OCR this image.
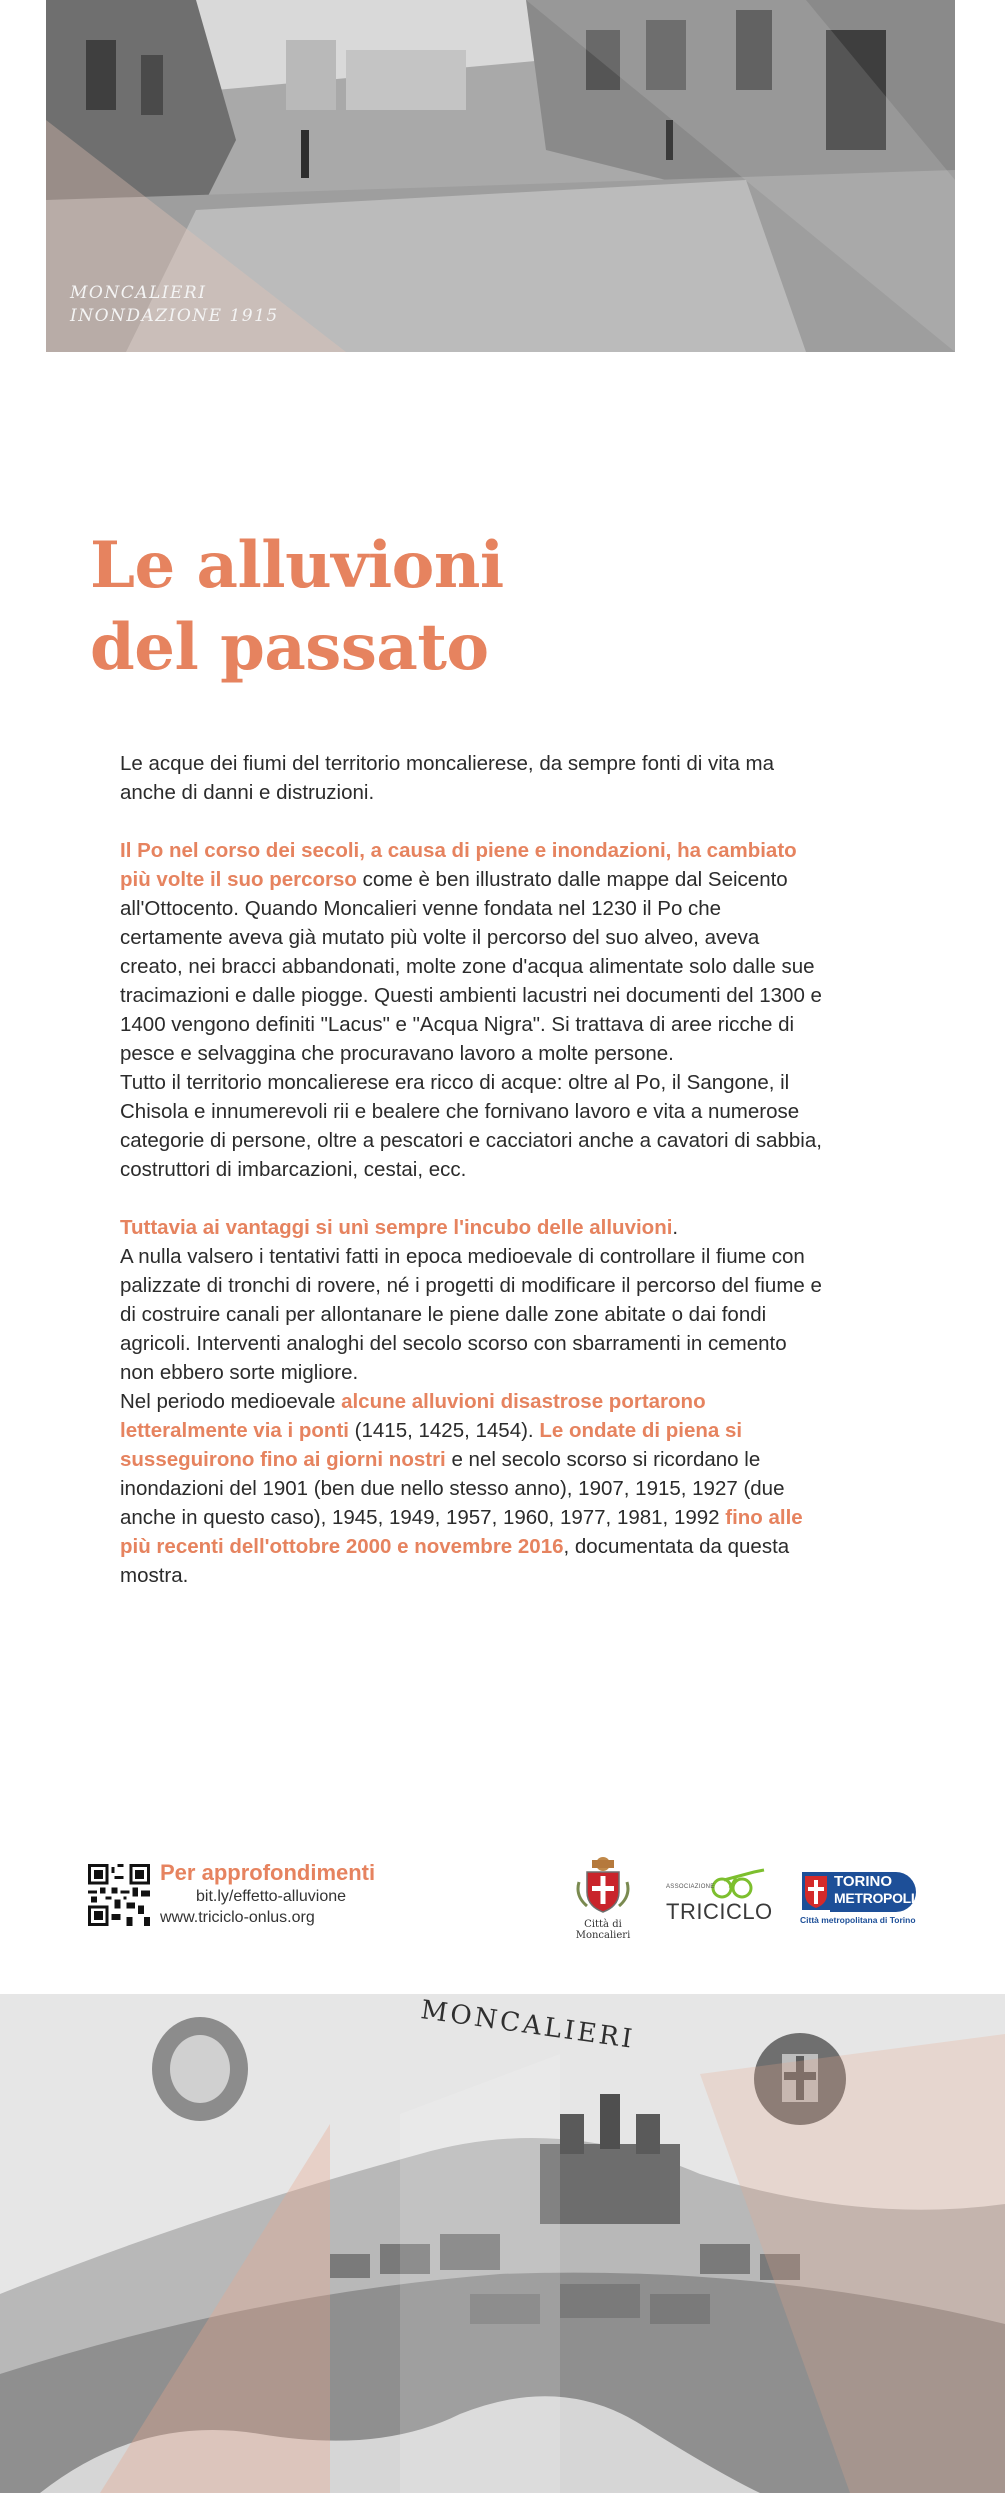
MONCALIERI
INONDAZIONE 1915
Le alluvioni
del passato

Le acque dei fiumi del territorio moncalierese, da sempre fonti di vita ma anche di danni e distruzioni.

Il Po nel corso dei secoli, a causa di piene e inondazioni, ha cambiato più volte il suo percorso come è ben illustrato dalle mappe dal Seicento all'Ottocento. Quando Moncalieri venne fondata nel 1230 il Po che certamente aveva già mutato più volte il percorso del suo alveo, aveva creato, nei bracci abbandonati, molte zone d'acqua alimentate solo dalle sue tracimazioni e dalle piogge. Questi ambienti lacustri nei documenti del 1300 e 1400 vengono definiti "Lacus" e "Acqua Nigra". Si trattava di aree ricche di pesce e selvaggina che procuravano lavoro a molte persone.

Tutto il territorio moncalierese era ricco di acque: oltre al Po, il Sangone, il Chisola e innumerevoli rii e bealere che fornivano lavoro e vita a numerose categorie di persone, oltre a pescatori e cacciatori anche a cavatori di sabbia, costruttori di imbarcazioni, cestai, ecc.

Tuttavia ai vantaggi si unì sempre l'incubo delle alluvioni.

A nulla valsero i tentativi fatti in epoca medioevale di controllare il fiume con palizzate di tronchi di rovere, né i progetti di modificare il percorso del fiume e di costruire canali per allontanare le piene dalle zone abitate o dai fondi agricoli. Interventi analoghi del secolo scorso con sbarramenti in cemento non ebbero sorte migliore.

Nel periodo medioevale alcune alluvioni disastrose portarono letteralmente via i ponti (1415, 1425, 1454). Le ondate di piena si susseguirono fino ai giorni nostri e nel secolo scorso si ricordano le inondazioni del 1901 (ben due nello stesso anno), 1907, 1915, 1927 (due anche in questo caso), 1945, 1949, 1957, 1960, 1977, 1981, 1992 fino alle più recenti dell'ottobre 2000 e novembre 2016, documentata da questa mostra.

Per approfondimenti
bit.ly/effetto-alluvione
www.triciclo-onlus.org	Città di
Moncalieri
ASSOCIAZIONE
TRICICLO
TORINO
METROPOLI
Città metropolitana di Torino
MONCALIERI
